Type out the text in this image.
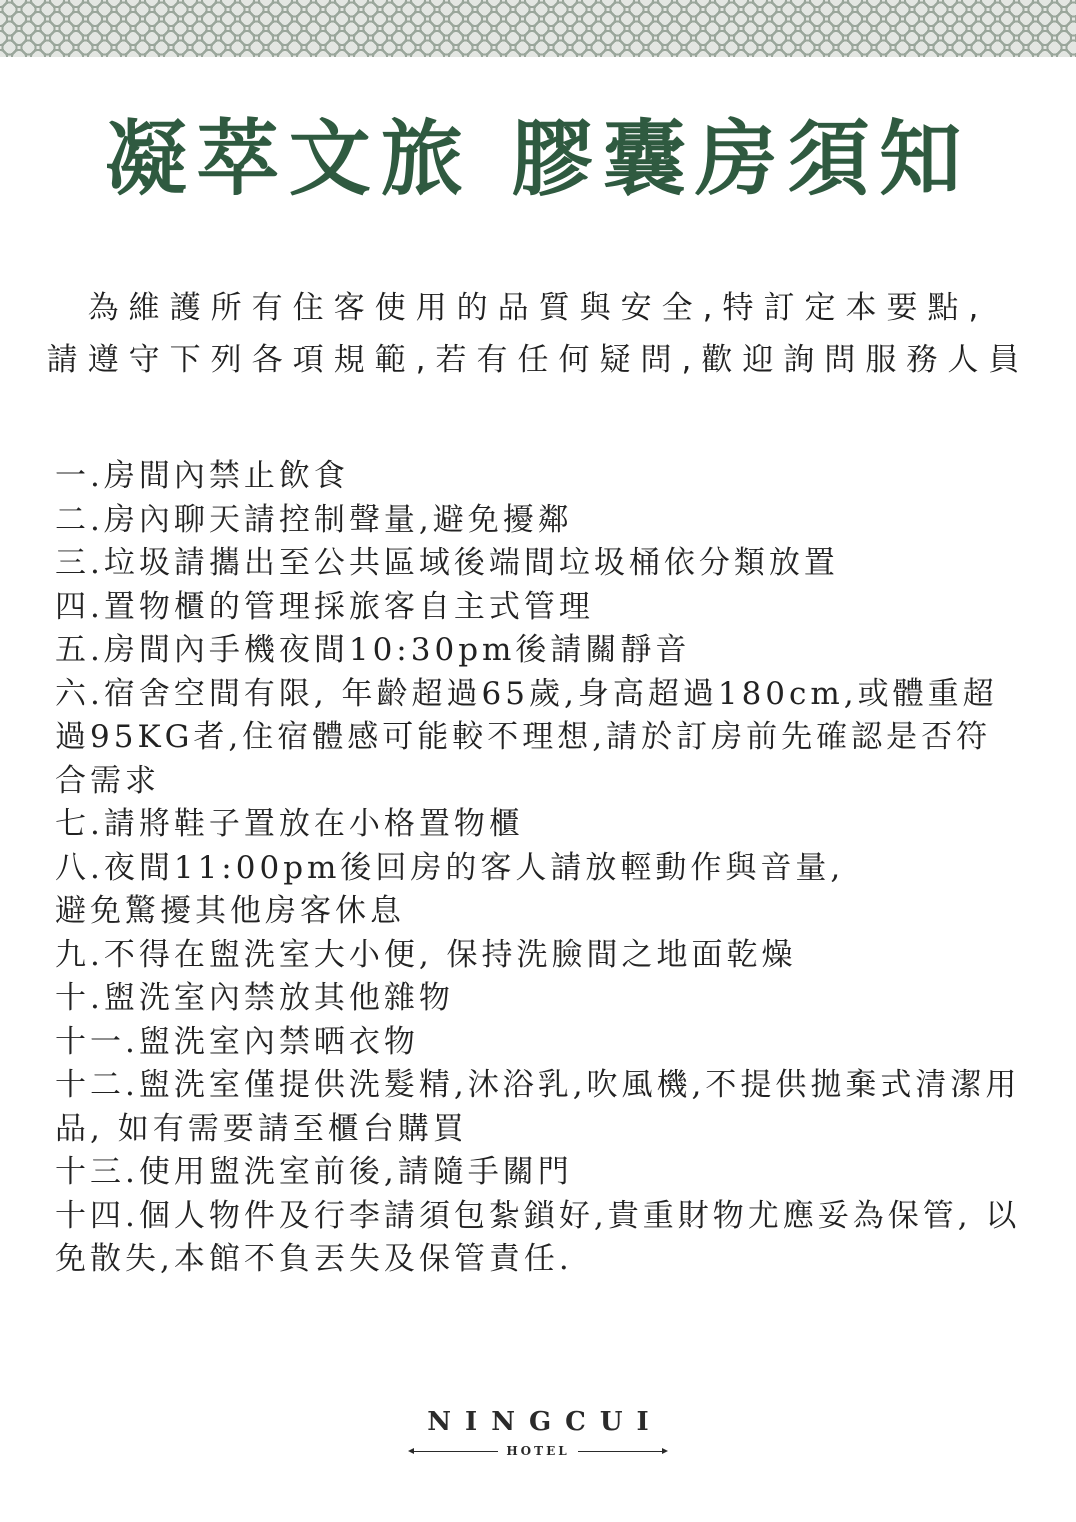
凝萃文旅 膠囊房須知
為維護所有住客使用的品質與安全,特訂定本要點,
請遵守下列各項規範,若有任何疑問,歡迎詢問服務人員
一.房間內禁止飲食
二.房內聊天請控制聲量,避免擾鄰
三.垃圾請攜出至公共區域後端間垃圾桶依分類放置
四.置物櫃的管理採旅客自主式管理
五.房間內手機夜間10:30pm後請關靜音
六.宿舍空間有限, 年齡超過65歲,身高超過180cm,或體重超過95KG者,住宿體感可能較不理想,請於訂房前先確認是否符合需求
七.請將鞋子置放在小格置物櫃
八.夜間11:00pm後回房的客人請放輕動作與音量,
避免驚擾其他房客休息
九.不得在盥洗室大小便, 保持洗臉間之地面乾燥
十.盥洗室內禁放其他雜物
十一.盥洗室內禁晒衣物
十二.盥洗室僅提供洗髮精,沐浴乳,吹風機,不提供拋棄式清潔用品, 如有需要請至櫃台購買
十三.使用盥洗室前後,請隨手關門
十四.個人物件及行李請須包紮鎖好,貴重財物尤應妥為保管, 以免散失,本館不負丟失及保管責任.
NINGCUI
HOTEL
